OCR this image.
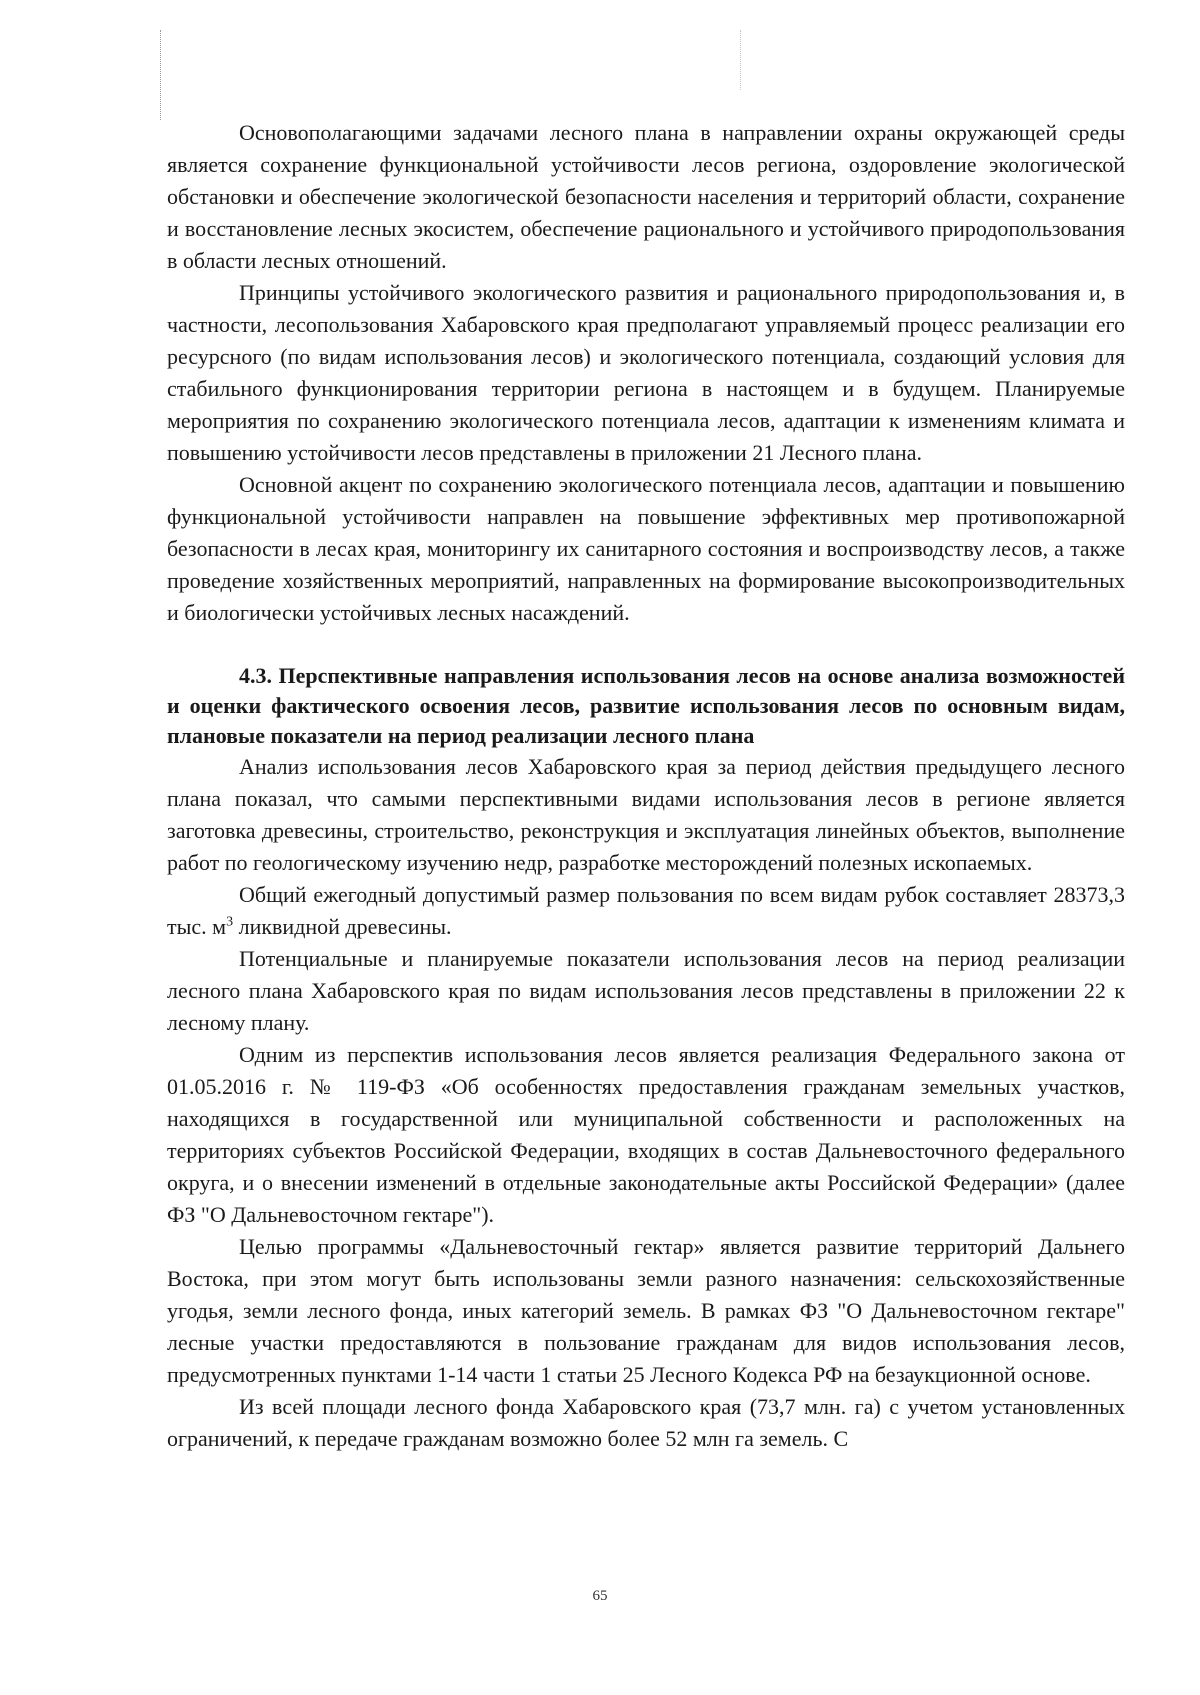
Основополагающими задачами лесного плана в направлении охраны окружающей среды является сохранение функциональной устойчивости лесов региона, оздоровление экологической обстановки и обеспечение экологической безопасности населения и территорий области, сохранение и восстановление лесных экосистем, обеспечение рационального и устойчивого природопользования в области лесных отношений.

Принципы устойчивого экологического развития и рационального природопользования и, в частности, лесопользования Хабаровского края предполагают управляемый процесс реализации его ресурсного (по видам использования лесов) и экологического потенциала, создающий условия для стабильного функционирования территории региона в настоящем и в будущем. Планируемые мероприятия по сохранению экологического потенциала лесов, адаптации к изменениям климата и повышению устойчивости лесов представлены в приложении 21 Лесного плана.

Основной акцент по сохранению экологического потенциала лесов, адаптации и повышению функциональной устойчивости направлен на повышение эффективных мер противопожарной безопасности в лесах края, мониторингу их санитарного состояния и воспроизводству лесов, а также проведение хозяйственных мероприятий, направленных на формирование высокопроизводительных и биологически устойчивых лесных насаждений.

4.3. Перспективные направления использования лесов на основе анализа возможностей и оценки фактического освоения лесов, развитие использования лесов по основным видам, плановые показатели на период реализации лесного плана

Анализ использования лесов Хабаровского края за период действия предыдущего лесного плана показал, что самыми перспективными видами использования лесов в регионе является заготовка древесины, строительство, реконструкция и эксплуатация линейных объектов, выполнение работ по геологическому изучению недр, разработке месторождений полезных ископаемых.

Общий ежегодный допустимый размер пользования по всем видам рубок составляет 28373,3 тыс. $м^3$ ликвидной древесины.

Потенциальные и планируемые показатели использования лесов на период реализации лесного плана Хабаровского края по видам использования лесов представлены в приложении 22 к лесному плану.

Одним из перспектив использования лесов является реализация Федерального закона от 01.05.2016 г. № 119-ФЗ «Об особенностях предоставления гражданам земельных участков, находящихся в государственной или муниципальной собственности и расположенных на территориях субъектов Российской Федерации, входящих в состав Дальневосточного федерального округа, и о внесении изменений в отдельные законодательные акты Российской Федерации» (далее ФЗ "О Дальневосточном гектаре").

Целью программы «Дальневосточный гектар» является развитие территорий Дальнего Востока, при этом могут быть использованы земли разного назначения: сельскохозяйственные угодья, земли лесного фонда, иных категорий земель. В рамках ФЗ "О Дальневосточном гектаре" лесные участки предоставляются в пользование гражданам для видов использования лесов, предусмотренных пунктами 1-14 части 1 статьи 25 Лесного Кодекса РФ на безаукционной основе.

Из всей площади лесного фонда Хабаровского края (73,7 млн. га) с учетом установленных ограничений, к передаче гражданам возможно более 52 млн га земель. С

65
